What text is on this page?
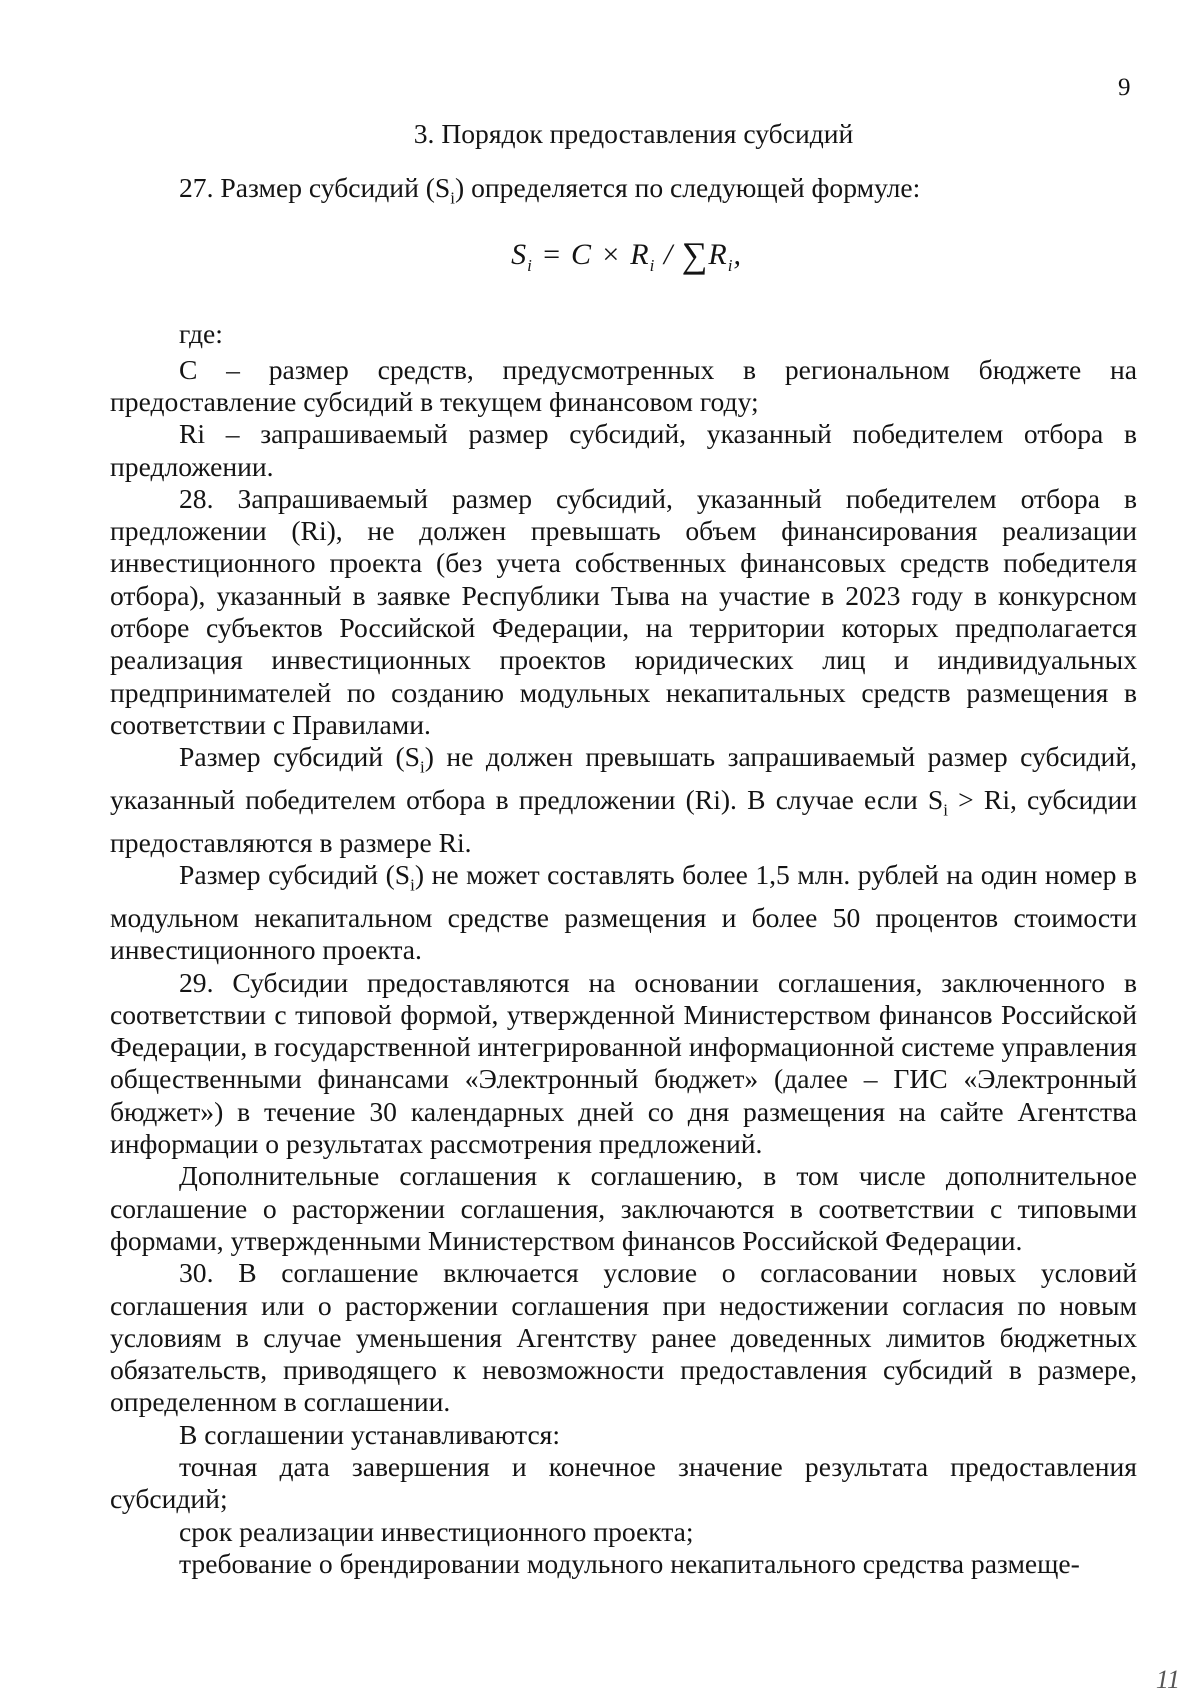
9
3. Порядок предоставления субсидий

27. Размер субсидий $(S_i)$ определяется по следующей формуле:

$S_i = C \times R_i / \sum R_i$,

где:

С – размер средств, предусмотренных в региональном бюджете на предоставление субсидий в текущем финансовом году;

Ri – запрашиваемый размер субсидий, указанный победителем отбора в предложении.

28. Запрашиваемый размер субсидий, указанный победителем отбора в предложении (Ri), не должен превышать объем финансирования реализации инвестиционного проекта (без учета собственных финансовых средств победителя отбора), указанный в заявке Республики Тыва на участие в 2023 году в конкурсном отборе субъектов Российской Федерации, на территории которых предполагается реализация инвестиционных проектов юридических лиц и индивидуальных предпринимателей по созданию модульных некапитальных средств размещения в соответствии с Правилами.

Размер субсидий $(S_i)$ не должен превышать запрашиваемый размер субсидий, указанный победителем отбора в предложении (Ri). В случае если $S_i > Ri$, субсидии предоставляются в размере Ri.

Размер субсидий $(S_i)$ не может составлять более 1,5 млн. рублей на один номер в модульном некапитальном средстве размещения и более 50 процентов стоимости инвестиционного проекта.

29. Субсидии предоставляются на основании соглашения, заключенного в соответствии с типовой формой, утвержденной Министерством финансов Российской Федерации, в государственной интегрированной информационной системе управления общественными финансами «Электронный бюджет» (далее – ГИС «Электронный бюджет») в течение 30 календарных дней со дня размещения на сайте Агентства информации о результатах рассмотрения предложений.

Дополнительные соглашения к соглашению, в том числе дополнительное соглашение о расторжении соглашения, заключаются в соответствии с типовыми формами, утвержденными Министерством финансов Российской Федерации.

30. В соглашение включается условие о согласовании новых условий соглашения или о расторжении соглашения при недостижении согласия по новым условиям в случае уменьшения Агентству ранее доведенных лимитов бюджетных обязательств, приводящего к невозможности предоставления субсидий в размере, определенном в соглашении.

В соглашении устанавливаются:

точная дата завершения и конечное значение результата предоставления субсидий;

срок реализации инвестиционного проекта;

требование о брендировании модульного некапитального средства размеще-

11
